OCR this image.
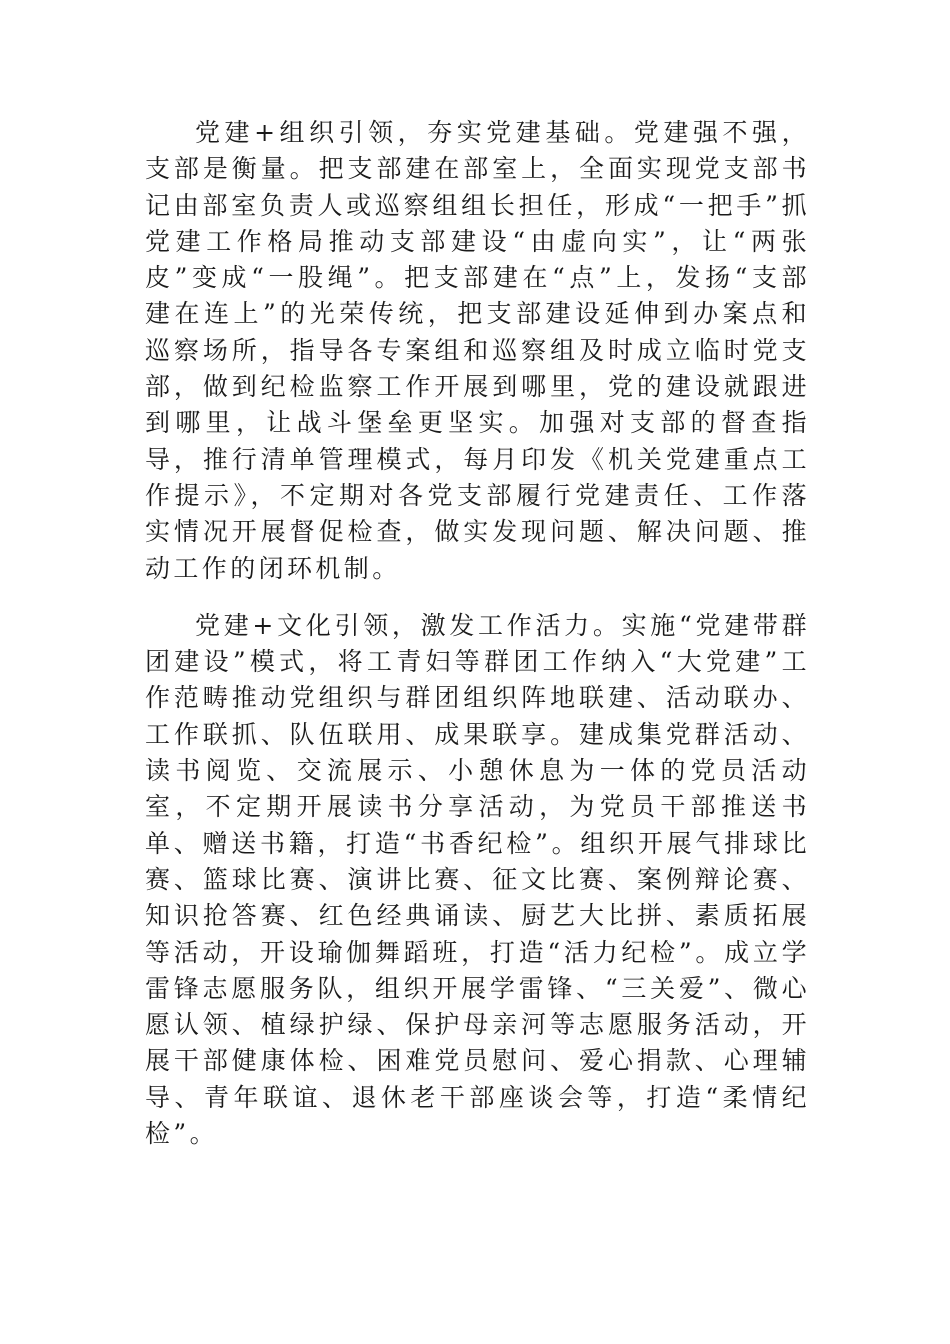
党建+组织引领，夯实党建基础。党建强不强，支部是衡量。把支部建在部室上，全面实现党支部书记由部室负责人或巡察组组长担任，形成“一把手”抓党建工作格局推动支部建设“由虚向实”，让“两张皮”变成“一股绳”。把支部建在“点”上，发扬“支部建在连上”的光荣传统，把支部建设延伸到办案点和巡察场所，指导各专案组和巡察组及时成立临时党支部，做到纪检监察工作开展到哪里，党的建设就跟进到哪里，让战斗堡垒更坚实。加强对支部的督查指导，推行清单管理模式，每月印发《机关党建重点工作提示》，不定期对各党支部履行党建责任、工作落实情况开展督促检查，做实发现问题、解决问题、推动工作的闭环机制。

党建+文化引领，激发工作活力。实施“党建带群团建设”模式，将工青妇等群团工作纳入“大党建”工作范畴推动党组织与群团组织阵地联建、活动联办、工作联抓、队伍联用、成果联享。建成集党群活动、读书阅览、交流展示、小憩休息为一体的党员活动室，不定期开展读书分享活动，为党员干部推送书单、赠送书籍，打造“书香纪检”。组织开展气排球比赛、篮球比赛、演讲比赛、征文比赛、案例辩论赛、知识抢答赛、红色经典诵读、厨艺大比拼、素质拓展等活动，开设瑜伽舞蹈班，打造“活力纪检”。成立学雷锋志愿服务队，组织开展学雷锋、“三关爱”、微心愿认领、植绿护绿、保护母亲河等志愿服务活动，开展干部健康体检、困难党员慰问、爱心捐款、心理辅导、青年联谊、退休老干部座谈会等，打造“柔情纪检”。
